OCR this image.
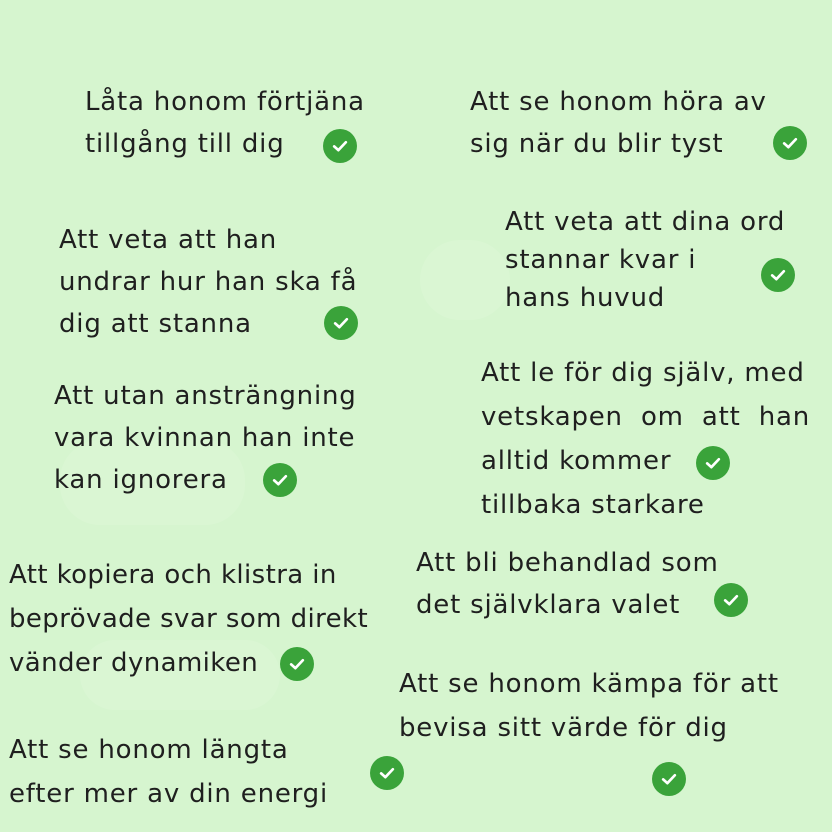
Låta honom förtjäna
tillgång till dig
Att se honom höra av
sig när du blir tyst
Att veta att han
undrar hur han ska få
dig att stanna
Att veta att dina ord
stannar kvar i
hans huvud
Att utan ansträngning
vara kvinnan han inte
kan ignorera
Att le för dig själv, med
vetskapen  om  att  han
alltid kommer
tillbaka starkare
Att kopiera och klistra in
beprövade svar som direkt
vänder dynamiken
Att bli behandlad som
det självklara valet
Att se honom kämpa för att
bevisa sitt värde för dig
Att se honom längta
efter mer av din energi
